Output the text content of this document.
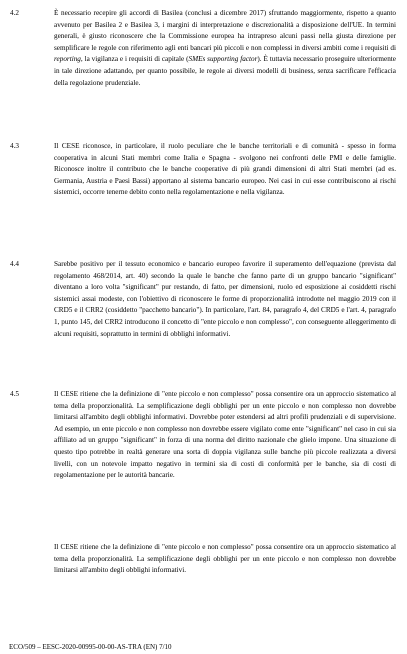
4.2	È necessario recepire gli accordi di Basilea (conclusi a dicembre 2017) sfruttando maggiormente, rispetto a quanto avvenuto per Basilea 2 e Basilea 3, i margini di interpretazione e discrezionalità a disposizione dell'UE. In termini generali, è giusto riconoscere che la Commissione europea ha intrapreso alcuni passi nella giusta direzione per semplificare le regole con riferimento agli enti bancari più piccoli e non complessi in diversi ambiti come i requisiti di reporting, la vigilanza e i requisiti di capitale (SMEs supporting factor). È tuttavia necessario proseguire ulteriormente in tale direzione adattando, per quanto possibile, le regole ai diversi modelli di business, senza sacrificare l'efficacia della regolazione prudenziale.

4.3	Il CESE riconosce, in particolare, il ruolo peculiare che le banche territoriali e di comunità - spesso in forma cooperativa in alcuni Stati membri come Italia e Spagna - svolgono nei confronti delle PMI e delle famiglie. Riconosce inoltre il contributo che le banche cooperative di più grandi dimensioni di altri Stati membri (ad es. Germania, Austria e Paesi Bassi) apportano al sistema bancario europeo. Nei casi in cui esse contribuiscono ai rischi sistemici, occorre tenerne debito conto nella regolamentazione e nella vigilanza.

4.4	Sarebbe positivo per il tessuto economico e bancario europeo favorire il superamento dell'equazione (prevista dal regolamento 468/2014, art. 40) secondo la quale le banche che fanno parte di un gruppo bancario "significant" diventano a loro volta "significant" pur restando, di fatto, per dimensioni, ruolo ed esposizione ai cosiddetti rischi sistemici assai modeste, con l'obiettivo di riconoscere le forme di proporzionalità introdotte nel maggio 2019 con il CRD5 e il CRR2 (cosiddetto "pacchetto bancario"). In particolare, l'art. 84, paragrafo 4, del CRD5 e l'art. 4, paragrafo 1, punto 145, del CRR2 introducono il concetto di "ente piccolo e non complesso", con conseguente alleggerimento di alcuni requisiti, soprattutto in termini di obblighi informativi.

4.5	Il CESE ritiene che la definizione di "ente piccolo e non complesso" possa consentire ora un approccio sistematico al tema della proporzionalità. La semplificazione degli obblighi per un ente piccolo e non complesso non dovrebbe limitarsi all'ambito degli obblighi informativi. Dovrebbe poter estendersi ad altri profili prudenziali e di supervisione. Ad esempio, un ente piccolo e non complesso non dovrebbe essere vigilato come ente "significant" nel caso in cui sia affiliato ad un gruppo "significant" in forza di una norma del diritto nazionale che glielo impone. Una situazione di questo tipo potrebbe in realtà generare una sorta di doppia vigilanza sulle banche più piccole realizzata a diversi livelli, con un notevole impatto negativo in termini sia di costi di conformità per le banche, sia di costi di regolamentazione per le autorità bancarie.

Il CESE ritiene che la definizione di "ente piccolo e non complesso" possa consentire ora un approccio sistematico al tema della proporzionalità. La semplificazione degli obblighi per un ente piccolo e non complesso non dovrebbe limitarsi all'ambito degli obblighi informativi.

ECO/509 – EESC-2020-00995-00-00-AS-TRA (EN) 7/10
